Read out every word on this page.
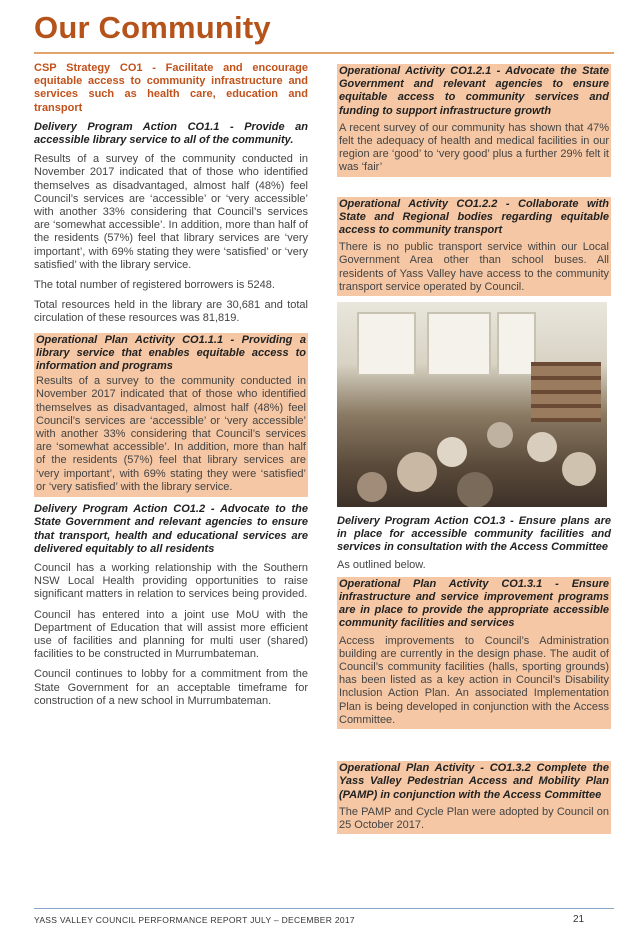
Our Community

CSP Strategy CO1 - Facilitate and encourage equitable access to community infrastructure and services such as health care, education and transport

Delivery Program Action CO1.1 - Provide an accessible library service to all of the community.

Results of a survey of the community conducted in November 2017 indicated that of those who identified themselves as disadvantaged, almost half (48%) feel Council’s services are ‘accessible’ or ‘very accessible’ with another 33% considering that Council’s services are ‘somewhat accessible’. In addition, more than half of the residents (57%) feel that library services are ‘very important’, with 69% stating they were ‘satisfied’ or ‘very satisfied’ with the library service.

The total number of registered borrowers is 5248.

Total resources held in the library are 30,681 and total circulation of these resources was 81,819.

Operational Plan Activity CO1.1.1 - Providing a library service that enables equitable access to information and programs

Results of a survey to the community conducted in November 2017 indicated that of those who identified themselves as disadvantaged, almost half (48%) feel Council’s services are ‘accessible’ or ‘very accessible’ with another 33% considering that Council’s services are ‘somewhat accessible’. In addition, more than half of the residents (57%) feel that library services are ‘very important’, with 69% stating they were ‘satisfied’ or ‘very satisfied’ with the library service.

Delivery Program Action CO1.2 - Advocate to the State Government and relevant agencies to ensure that transport, health and educational services are delivered equitably to all residents

Council has a working relationship with the Southern NSW Local Health providing opportunities to raise significant matters in relation to services being provided.

Council has entered into a joint use MoU with the Department of Education that will assist more efficient use of facilities and planning for multi user (shared) facilities to be constructed in Murrumbateman.

Council continues to lobby for a commitment from the State Government for an acceptable timeframe for construction of a new school in Murrumbateman.

Operational Activity CO1.2.1 - Advocate the State Government and relevant agencies to ensure equitable access to community services and funding to support infrastructure growth

A recent survey of our community has shown that 47% felt the adequacy of health and medical facilities in our region are ‘good’ to ‘very good’ plus a further 29% felt it was ‘fair’

Operational Activity CO1.2.2 - Collaborate with State and Regional bodies regarding equitable access to community transport

There is no public transport service within our Local Government Area other than school buses. All residents of Yass Valley have access to the community transport service operated by Council.

Delivery Program Action CO1.3 - Ensure plans are in place for accessible community facilities and services in consultation with the Access Committee

As outlined below.

Operational Plan Activity CO1.3.1 - Ensure infrastructure and service improvement programs are in place to provide the appropriate accessible community facilities and services

Access improvements to Council’s Administration building are currently in the design phase. The audit of Council’s community facilities (halls, sporting grounds) has been listed as a key action in Council’s Disability Inclusion Action Plan. An associated Implementation Plan is being developed in conjunction with the Access Committee.

Operational Plan Activity - CO1.3.2 Complete the Yass Valley Pedestrian Access and Mobility Plan (PAMP) in conjunction with the Access Committee

The PAMP and Cycle Plan were adopted by Council on 25 October 2017.

YASS VALLEY COUNCIL PERFORMANCE REPORT JULY – DECEMBER 2017	21
